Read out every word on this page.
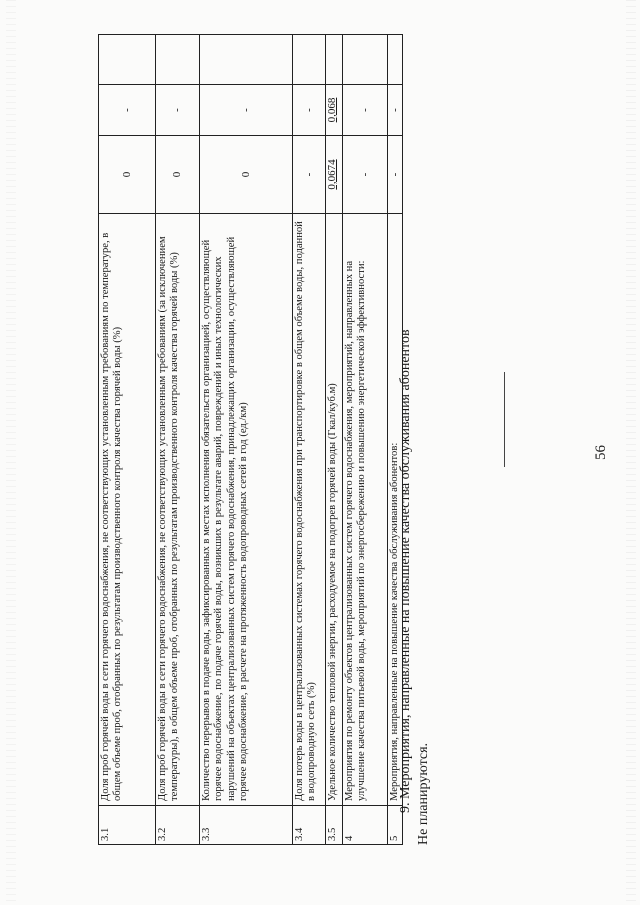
56
3.1	Доля проб горячей воды в сети горячего водоснабжения, не соответствующих установленным требованиям по температуре, в общем объеме проб, отобранных по результатам производственного контроля качества горячей воды (%)	0	-	
3.2	Доля проб горячей воды в сети горячего водоснабжения, не соответствующих установленным требованиям (за исключением температуры), в общем объеме проб, отобранных по результатам производственного контроля качества горячей воды (%)	0	-	
3.3	Количество перерывов в подаче воды, зафиксированных в местах исполнения обязательств организацией, осуществляющей горячее водоснабжение, по подаче горячей воды, возникших в результате аварий, повреждений и иных технологических нарушений на объектах централизованных систем горячего водоснабжения, принадлежащих организации, осуществляющей горячее водоснабжение, в расчете на протяженность водопроводных сетей в год (ед./км)	0	-	
3.4	Доля потерь воды в централизованных системах горячего водоснабжения при транспортировке в общем объеме воды, поданной в водопроводную сеть (%)	-	-	
3.5	Удельное количество тепловой энергии, расходуемое на подогрев горячей воды (Гкал/куб.м)	0,0674	0,068	
4	Мероприятия по ремонту объектов централизованных систем горячего водоснабжения, мероприятий, направленных на улучшение качества питьевой воды, мероприятий по энергосбережению и повышению энергетической эффективности:	-	-	
5	Мероприятия, направленные на повышение качества обслуживания абонентов:	-	-	
9. Мероприятия, направленные на повышение качества обслуживания абонентов Не планируются.
